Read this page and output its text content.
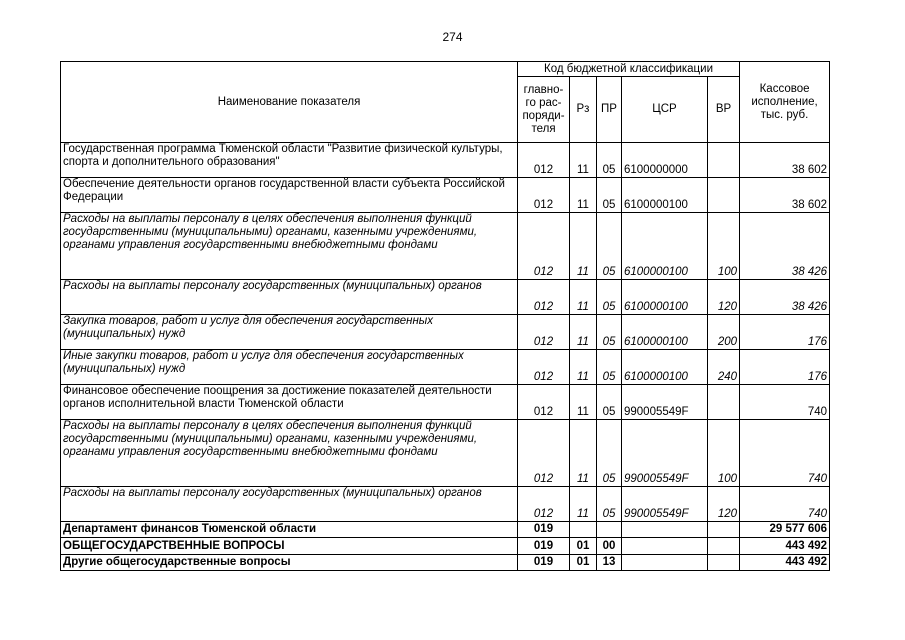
274
Наименование показателя	Код бюджетной классификации					Кассовое исполнение, тыс. руб.
	главно-го рас-поряди-теля	Рз	ПР	ЦСР	ВР	
Государственная программа Тюменской области "Развитие физической культуры, спорта и дополнительного образования"	012	11	05	6100000000		38 602
Обеспечение деятельности органов государственной власти субъекта Российской Федерации	012	11	05	6100000100		38 602
Расходы на выплаты персоналу в целях обеспечения выполнения функций государственными (муниципальными) органами, казенными учреждениями, органами управления государственными внебюджетными фондами	012	11	05	6100000100	100	38 426
Расходы на выплаты персоналу государственных (муниципальных) органов	012	11	05	6100000100	120	38 426
Закупка товаров, работ и услуг для обеспечения государственных (муниципальных) нужд	012	11	05	6100000100	200	176
Иные закупки товаров, работ и услуг для обеспечения государственных (муниципальных) нужд	012	11	05	6100000100	240	176
Финансовое обеспечение поощрения за достижение показателей деятельности органов исполнительной власти Тюменской области	012	11	05	990005549F		740
Расходы на выплаты персоналу в целях обеспечения выполнения функций государственными (муниципальными) органами, казенными учреждениями, органами управления государственными внебюджетными фондами	012	11	05	990005549F	100	740
Расходы на выплаты персоналу государственных (муниципальных) органов	012	11	05	990005549F	120	740
Департамент финансов Тюменской области	019					29 577 606
ОБЩЕГОСУДАРСТВЕННЫЕ ВОПРОСЫ	019	01	00			443 492
Другие общегосударственные вопросы	019	01	13			443 492
